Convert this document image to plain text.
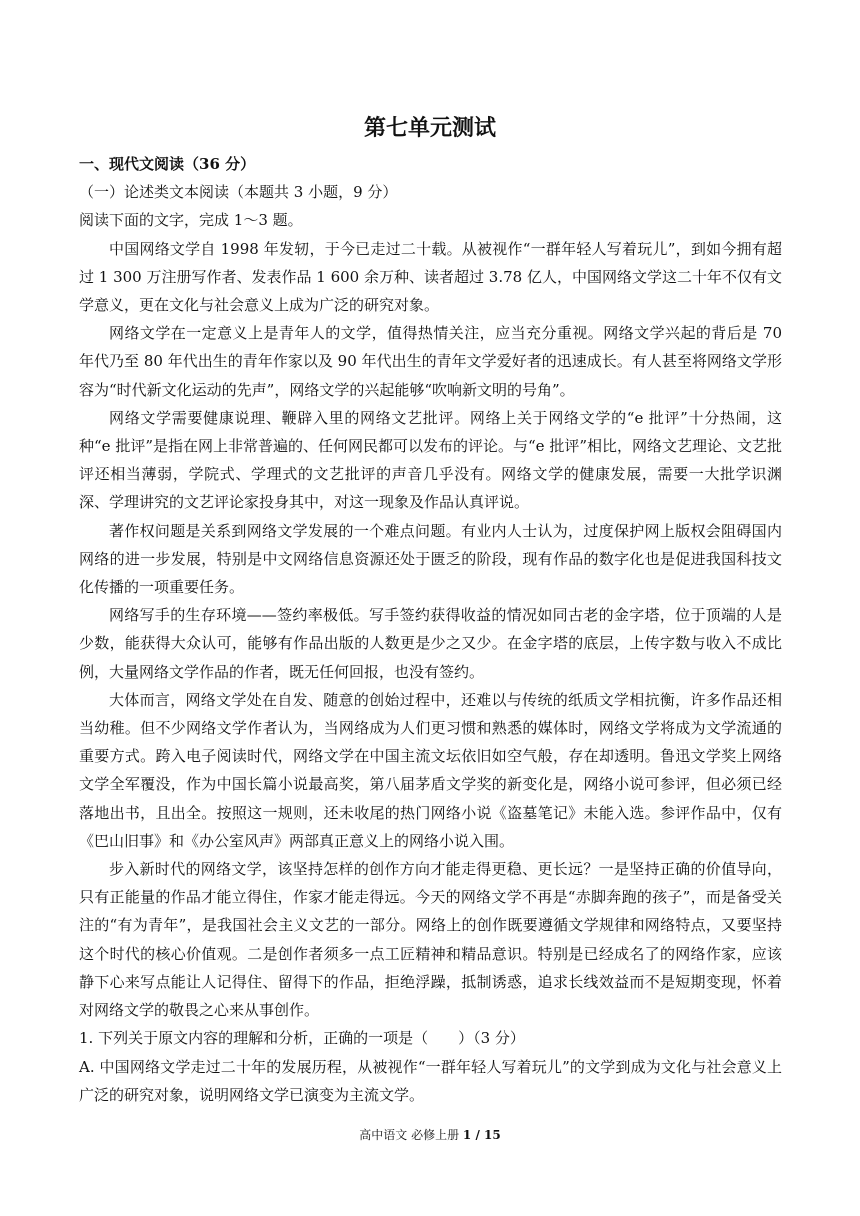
第七单元测试

一、现代文阅读（36 分）

（一）论述类文本阅读（本题共 3 小题，9 分）

阅读下面的文字，完成 1～3 题。

中国网络文学自 1998 年发轫，于今已走过二十载。从被视作“一群年轻人写着玩儿”，到如今拥有超过 1 300 万注册写作者、发表作品 1 600 余万种、读者超过 3.78 亿人，中国网络文学这二十年不仅有文学意义，更在文化与社会意义上成为广泛的研究对象。

网络文学在一定意义上是青年人的文学，值得热情关注，应当充分重视。网络文学兴起的背后是 70 年代乃至 80 年代出生的青年作家以及 90 年代出生的青年文学爱好者的迅速成长。有人甚至将网络文学形容为“时代新文化运动的先声”，网络文学的兴起能够“吹响新文明的号角”。

网络文学需要健康说理、鞭辟入里的网络文艺批评。网络上关于网络文学的“e 批评”十分热闹，这种“e 批评”是指在网上非常普遍的、任何网民都可以发布的评论。与“e 批评”相比，网络文艺理论、文艺批评还相当薄弱，学院式、学理式的文艺批评的声音几乎没有。网络文学的健康发展，需要一大批学识渊深、学理讲究的文艺评论家投身其中，对这一现象及作品认真评说。

著作权问题是关系到网络文学发展的一个难点问题。有业内人士认为，过度保护网上版权会阻碍国内网络的进一步发展，特别是中文网络信息资源还处于匮乏的阶段，现有作品的数字化也是促进我国科技文化传播的一项重要任务。

网络写手的生存环境——签约率极低。写手签约获得收益的情况如同古老的金字塔，位于顶端的人是少数，能获得大众认可，能够有作品出版的人数更是少之又少。在金字塔的底层，上传字数与收入不成比例，大量网络文学作品的作者，既无任何回报，也没有签约。

大体而言，网络文学处在自发、随意的创始过程中，还难以与传统的纸质文学相抗衡，许多作品还相当幼稚。但不少网络文学作者认为，当网络成为人们更习惯和熟悉的媒体时，网络文学将成为文学流通的重要方式。跨入电子阅读时代，网络文学在中国主流文坛依旧如空气般，存在却透明。鲁迅文学奖上网络文学全军覆没，作为中国长篇小说最高奖，第八届茅盾文学奖的新变化是，网络小说可参评，但必须已经落地出书，且出全。按照这一规则，还未收尾的热门网络小说《盗墓笔记》未能入选。参评作品中，仅有《巴山旧事》和《办公室风声》两部真正意义上的网络小说入围。

步入新时代的网络文学，该坚持怎样的创作方向才能走得更稳、更长远？一是坚持正确的价值导向，只有正能量的作品才能立得住，作家才能走得远。今天的网络文学不再是“赤脚奔跑的孩子”，而是备受关注的“有为青年”，是我国社会主义文艺的一部分。网络上的创作既要遵循文学规律和网络特点，又要坚持这个时代的核心价值观。二是创作者须多一点工匠精神和精品意识。特别是已经成名了的网络作家，应该静下心来写点能让人记得住、留得下的作品，拒绝浮躁，抵制诱惑，追求长线效益而不是短期变现，怀着对网络文学的敬畏之心来从事创作。

1. 下列关于原文内容的理解和分析，正确的一项是（　　）（3 分）

A. 中国网络文学走过二十年的发展历程，从被视作“一群年轻人写着玩儿”的文学到成为文化与社会意义上广泛的研究对象，说明网络文学已演变为主流文学。

高中语文 必修上册 1 / 15
